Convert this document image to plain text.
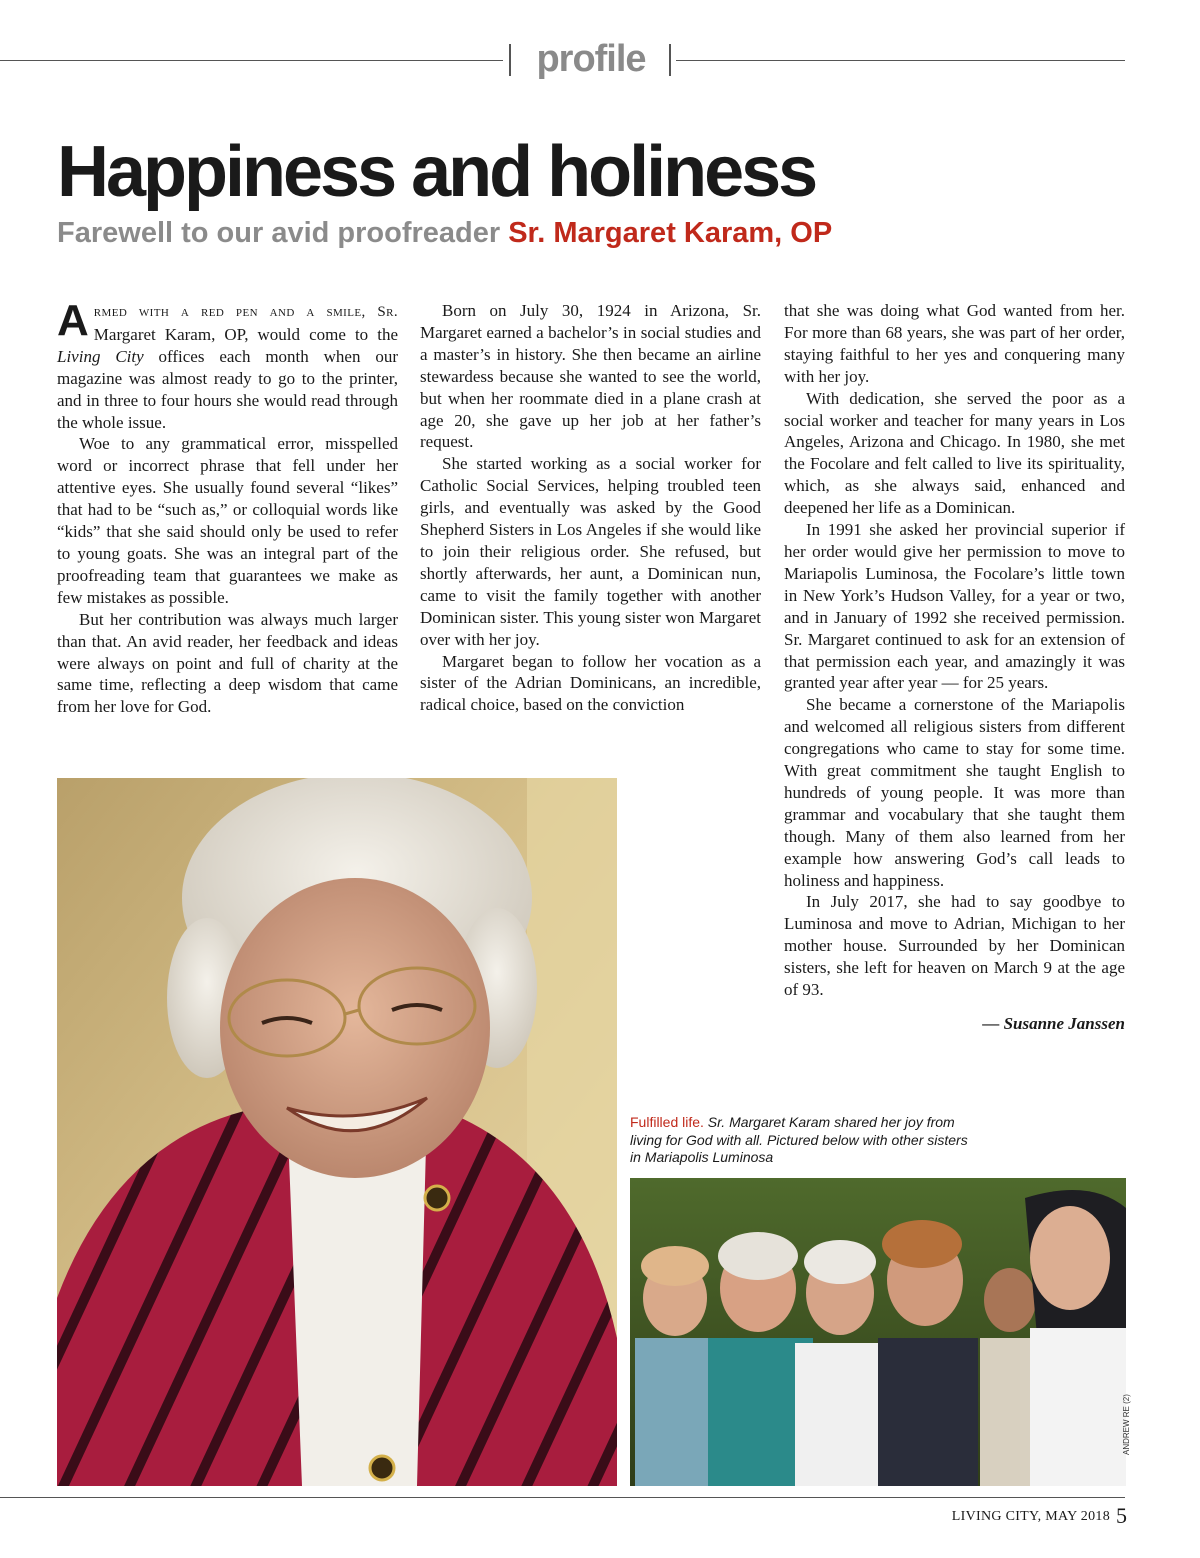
profile
Happiness and holiness
Farewell to our avid proofreader Sr. Margaret Karam, OP

Armed with a red pen and a smile, Sr. Margaret Karam, OP, would come to the Living City offices each month when our magazine was almost ready to go to the printer, and in three to four hours she would read through the whole issue.

Woe to any grammatical error, misspelled word or incorrect phrase that fell under her attentive eyes. She usually found several “likes” that had to be “such as,” or colloquial words like “kids” that she said should only be used to refer to young goats. She was an integral part of the proofreading team that guarantees we make as few mistakes as possible.

But her contribution was always much larger than that. An avid reader, her feedback and ideas were always on point and full of charity at the same time, reflecting a deep wisdom that came from her love for God.

Born on July 30, 1924 in Arizona, Sr. Margaret earned a bachelor’s in social studies and a master’s in history. She then became an airline stewardess because she wanted to see the world, but when her roommate died in a plane crash at age 20, she gave up her job at her father’s request.

She started working as a social worker for Catholic Social Services, helping troubled teen girls, and eventually was asked by the Good Shepherd Sisters in Los Angeles if she would like to join their religious order. She refused, but shortly afterwards, her aunt, a Dominican nun, came to visit the family together with another Dominican sister. This young sister won Margaret over with her joy.

Margaret began to follow her vocation as a sister of the Adrian Dominicans, an incredible, radical choice, based on the conviction

that she was doing what God wanted from her. For more than 68 years, she was part of her order, staying faithful to her yes and conquering many with her joy.

With dedication, she served the poor as a social worker and teacher for many years in Los Angeles, Arizona and Chicago. In 1980, she met the Focolare and felt called to live its spirituality, which, as she always said, enhanced and deepened her life as a Dominican.

In 1991 she asked her provincial superior if her order would give her permission to move to Mariapolis Luminosa, the Focolare’s little town in New York’s Hudson Valley, for a year or two, and in January of 1992 she received permission. Sr. Margaret continued to ask for an extension of that permission each year, and amazingly it was granted year after year — for 25 years.

She became a cornerstone of the Mariapolis and welcomed all religious sisters from different congregations who came to stay for some time. With great commitment she taught English to hundreds of young people. It was more than grammar and vocabulary that she taught them though. Many of them also learned from her example how answering God’s call leads to holiness and happiness.

In July 2017, she had to say goodbye to Luminosa and move to Adrian, Michigan to her mother house. Surrounded by her Dominican sisters, she left for heaven on March 9 at the age of 93.

— Susanne Janssen

Fulfilled life. Sr. Margaret Karam shared her joy from living for God with all. Pictured below with other sisters in Mariapolis Luminosa
ANDREW RE (2)
LIVING CITY, MAY 2018 5
